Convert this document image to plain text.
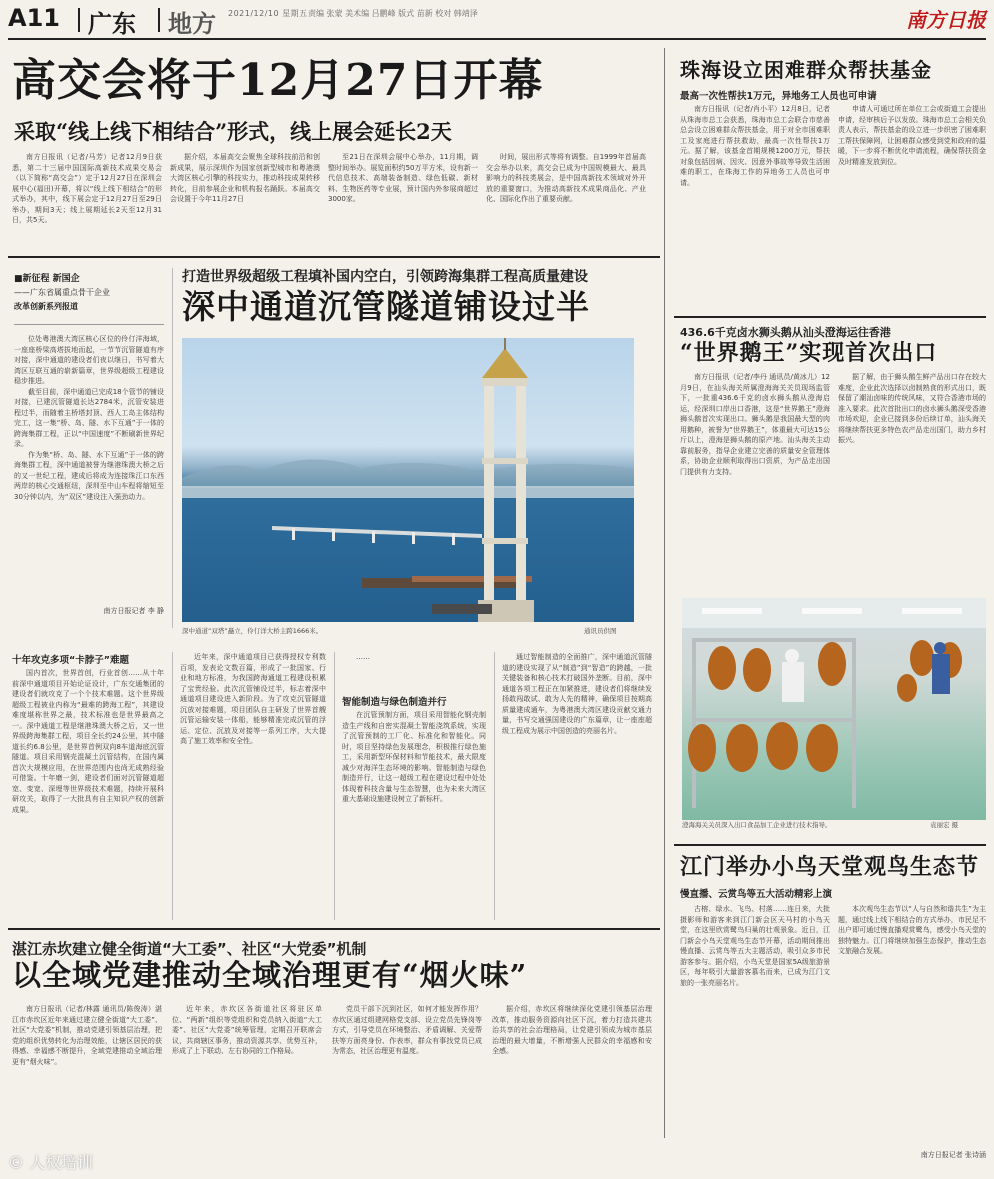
A11 广东 地方 2021/12/10 星期五 责编 张蒙 美术编 吕鹏峰 版式 苗新 校对 韩靖泽	南方日报
高交会将于12月27日开幕
采取“线上线下相结合”形式，线上展会延长2天

南方日报讯（记者/马芳）记者12月9日获悉，第二十三届中国国际高新技术成果交易会（以下简称“高交会”）定于12月27日在深圳会展中心(福田)开幕，将以“线上线下相结合”的形式举办，其中，线下展会定于12月27日至29日举办，期间3天；线上展期延长2天至12月31日，共5天。

据介绍，本届高交会聚焦全球科技前沿和创新成果，展示深圳作为国家创新型城市和粤港澳大湾区核心引擎的科技实力，推动科技成果转移转化，目前参展企业和机构报名踊跃。本届高交会设置于今年11月27日

至21日在深圳会展中心举办，11月期，调整时间举办。展览面积约50万平方米，设有新一代信息技术、高端装备制造、绿色低碳、新材料、生物医药等专业展，预计国内外参展商超过3000家。

时间，展出形式等将有调整。自1999年首届高交会举办以来，高交会已成为中国规模最大、最具影响力的科技类展会，是中国高新技术领域对外开放的重要窗口，为推动高新技术成果商品化、产业化、国际化作出了重要贡献。

■新征程 新国企
——广东省属重点骨干企业
改革创新系列报道
打造世界级超级工程填补国内空白，引领跨海集群工程高质量建设
深中通道沉管隧道铺设过半

位处粤港澳大湾区核心区位的伶仃洋海域，一座座桥梁高塔拔地而起，一节节沉管隧道有序对接，深中通道的建设者们夜以继日，书写着大湾区互联互通的崭新篇章，世界级超级工程建设稳步推进。

截至目前，深中通道已完成18个管节的铺设对接，已建沉管隧道长达2784米，沉管安装进程过半，而随着主桥塔封顶、西人工岛主体结构完工，这一集“桥、岛、隧、水下互通”于一体的跨海集群工程，正以“中国速度”不断刷新世界纪录。

作为集“桥、岛、隧、水下互通”于一体的跨海集群工程，深中通道被誉为继港珠澳大桥之后的又一世纪工程，建成后将成为连接珠江口东西两岸的核心交通枢纽，深圳至中山车程将缩短至30分钟以内，为“双区”建设注入强劲动力。

南方日报记者 李 静
深中通道“双塔”矗立，伶仃洋大桥主跨1666米。	通讯员供图
十年攻克多项“卡脖子”难题

国内首次，世界首创，行业首创……从十年前深中通道项目开始论证设计，广东交通集团的建设者们就攻克了一个个技术难题。这个世界级超级工程被业内称为“最难的跨海工程”，其建设难度堪称世界之最，技术标准也是世界最高之一。深中通道工程是继港珠澳大桥之后，又一世界级跨海集群工程，项目全长约24公里，其中隧道长约6.8公里，是世界首例双向8车道海底沉管隧道。项目采用钢壳混凝土沉管结构，在国内属首次大规模应用，在世界范围内也尚无成熟经验可借鉴。十年磨一剑，建设者们面对沉管隧道超宽、变宽、深埋等世界级技术难题，持续开展科研攻关，取得了一大批具有自主知识产权的创新成果。

近年来，深中通道项目已获得授权专利数百项，发表论文数百篇，形成了一批国家、行业和地方标准，为我国跨海通道工程建设积累了宝贵经验。此次沉管铺设过半，标志着深中通道项目建设进入新阶段。为了攻克沉管隧道沉放对接难题，项目团队自主研发了世界首艘沉管运输安装一体船，能够精准完成沉管的浮运、定位、沉放及对接等一系列工序，大大提高了施工效率和安全性。

……

智能制造与绿色制造并行

在沉管预制方面，项目采用智能化钢壳制造生产线和自密实混凝土智能浇筑系统，实现了沉管预制的工厂化、标准化和智能化。同时，项目坚持绿色发展理念，积极推行绿色施工，采用新型环保材料和节能技术，最大限度减少对海洋生态环境的影响。智能制造与绿色制造并行，让这一超级工程在建设过程中处处体现着科技含量与生态智慧，也为未来大湾区重大基础设施建设树立了新标杆。

通过智能制造的全面推广，深中通道沉管隧道的建设实现了从“制造”到“智造”的跨越，一批关键装备和核心技术打破国外垄断。目前，深中通道各项工程正在加紧推进，建设者们将继续发扬敢闯敢试、敢为人先的精神，确保项目按期高质量建成通车，为粤港澳大湾区建设贡献交通力量，书写交通强国建设的广东篇章，让一座座超级工程成为展示中国创造的亮丽名片。

湛江赤坎建立健全街道“大工委”、社区“大党委”机制
以全域党建推动全域治理更有“烟火味”

南方日报讯（记者/林露 通讯员/陈俊涛）湛江市赤坎区近年来通过建立健全街道“大工委”、社区“大党委”机制，推动党建引领基层治理，把党的组织优势转化为治理效能，让辖区居民的获得感、幸福感不断提升，全域党建推动全域治理更有“烟火味”。

近年来，赤坎区各街道社区将驻区单位、“两新”组织等党组织和党员纳入街道“大工委”、社区“大党委”统筹管理，定期召开联席会议，共商辖区事务，推动资源共享、优势互补，形成了上下联动、左右协同的工作格局。

党员干部下沉到社区，如何才能发挥作用？赤坎区通过组建网格党支部、设立党员先锋岗等方式，引导党员在环境整治、矛盾调解、关爱帮扶等方面亮身份、作表率，群众有事找党员已成为常态，社区治理更有温度。

据介绍，赤坎区将继续深化党建引领基层治理改革，推动服务资源向社区下沉，着力打造共建共治共享的社会治理格局，让党建引领成为城市基层治理的最大增量，不断增强人民群众的幸福感和安全感。

珠海设立困难群众帮扶基金
最高一次性帮扶1万元，异地务工人员也可申请

南方日报讯（记者/肖小平）12月8日，记者从珠海市总工会获悉，珠海市总工会联合市慈善总会设立困难群众帮扶基金，用于对全市困难职工及家庭进行帮扶救助，最高一次性帮扶1万元。据了解，该基金首期规模1200万元，帮扶对象包括因病、因灾、因意外事故等导致生活困难的职工，在珠海工作的异地务工人员也可申请。

申请人可通过所在单位工会或街道工会提出申请，经审核后予以发放。珠海市总工会相关负责人表示，帮扶基金的设立进一步织密了困难职工帮扶保障网，让困难群众感受到党和政府的温暖，下一步将不断优化申请流程，确保帮扶资金及时精准发放到位。

436.6千克卤水狮头鹅从汕头澄海运往香港
“世界鹅王”实现首次出口

南方日报讯（记者/李丹 通讯员/黄冰儿）12月9日，在汕头海关所属澄海海关关员现场监管下，一批重436.6千克的卤水狮头鹅从澄海启运，经深圳口岸出口香港，这是“世界鹅王”澄海狮头鹅首次实现出口。狮头鹅是我国最大型的肉用鹅种，被誉为“世界鹅王”，体重最大可达15公斤以上，澄海是狮头鹅的原产地。汕头海关主动靠前服务，指导企业建立完善的质量安全管理体系，协助企业顺利取得出口资质，为产品走出国门提供有力支持。

据了解，由于狮头鹅生鲜产品出口存在较大难度，企业此次选择以卤制熟食的形式出口，既保留了潮汕卤味的传统风味，又符合香港市场的准入要求。此次首批出口的卤水狮头鹅深受香港市场欢迎，企业已接到多份后续订单，汕头海关将继续帮扶更多特色农产品走出国门，助力乡村振兴。

澄海海关关员深入出口食品加工企业进行技术指导。	袁丽宏 摄
江门举办小鸟天堂观鸟生态节
慢直播、云赏鸟等五大活动精彩上演

古榕、绿水、飞鸟、村落……连日来，大批摄影师和游客来到江门新会区天马村的小鸟天堂，在这里欣赏鹭鸟归巢的壮观景象。近日，江门新会小鸟天堂观鸟生态节开幕，活动期间推出慢直播、云赏鸟等五大主题活动，吸引众多市民游客参与。据介绍，小鸟天堂是国家5A级旅游景区，每年吸引大量游客慕名而来，已成为江门文旅的一张亮丽名片。

本次观鸟生态节以“人与自然和谐共生”为主题，通过线上线下相结合的方式举办，市民足不出户即可通过慢直播观赏鹭鸟，感受小鸟天堂的独特魅力。江门将继续加强生态保护，推动生态文旅融合发展。

南方日报记者 张诗涵
© 人权培训
